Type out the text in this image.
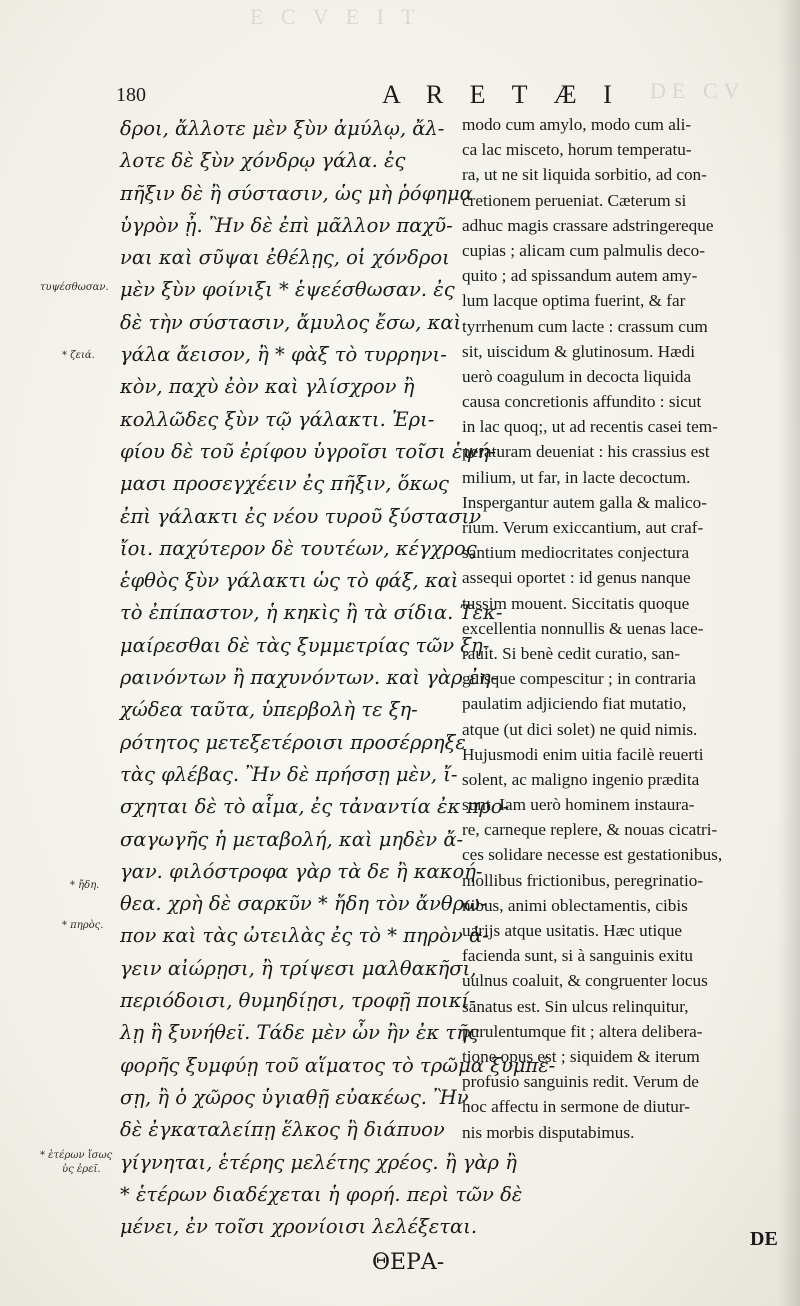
E C V E I T
DE CV
180	A R E T Æ I
δροι, ἄλλοτε μὲν ξὺν ἀμύλῳ, ἄλ-
λοτε δὲ ξὺν χόνδρῳ γάλα. ἐς
πῆξιν δὲ ἢ σύστασιν, ὡς μὴ ῥόφημα
ὑγρὸν ᾖ. Ἢν δὲ ἐπὶ μᾶλλον παχῦ-
ναι καὶ σῦψαι ἐθέλῃς, οἱ χόνδροι
μὲν ξὺν φοίνιξι * ἑψεέσθωσαν. ἐς
δὲ τὴν σύστασιν, ἄμυλος ἔσω, καὶ
γάλα ἄεισον, ἢ * φὰξ τὸ τυρρηνι-
κὸν, παχὺ ἐὸν καὶ γλίσχρον ἢ
κολλῶδες ξὺν τῷ γάλακτι. Ἐρι-
φίου δὲ τοῦ ἐρίφου ὑγροῖσι τοῖσι ἑψή-
μασι προσεγχέειν ἐς πῆξιν, ὅκως
ἐπὶ γάλακτι ἐς νέου τυροῦ ξύστασιν
ἴοι. παχύτερον δὲ τουτέων, κέγχρος
ἑφθὸς ξὺν γάλακτι ὡς τὸ φάξ, καὶ
τὸ ἐπίπαστον, ἡ κηκὶς ἢ τὰ σίδια. Τεκ-
μαίρεσθαι δὲ τὰς ξυμμετρίας τῶν ξη-
ραινόντων ἢ παχυνόντων. καὶ γὰρ ἐη-
χώδεα ταῦτα, ὑπερβολὴ τε ξη-
ρότητος μετεξετέροισι προσέρρηξε
τὰς φλέβας. Ἢν δὲ πρήσσῃ μὲν, ἴ-
σχηται δὲ τὸ αἷμα, ἐς τἀναντία ἐκ προ-
σαγωγῆς ἡ μεταβολή, καὶ μηδὲν ἄ-
γαν. φιλόστροφα γὰρ τὰ δε ἢ κακοή-
θεα. χρὴ δὲ σαρκῦν * ἤδη τὸν ἄνθρω-
πον καὶ τὰς ὠτειλὰς ἐς τὸ * πηρὸν ἀ-
γειν αἰώρῃσι, ἢ τρίψεσι μαλθακῆσι,
περιόδοισι, θυμηδίῃσι, τροφῇ ποικί-
λῃ ἢ ξυνήθεϊ. Τάδε μὲν ὦν ἢν ἐκ τῆς
φορῆς ξυμφύῃ τοῦ αἵματος τὸ τρῶμα ξυμπέ-
σῃ, ἢ ὁ χῶρος ὑγιαθῇ εὐακέως. Ἢν
δὲ ἐγκαταλείπῃ ἕλκος ἢ διάπυον
γίγνηται, ἑτέρης μελέτης χρέος. ἢ γὰρ ἢ
* ἑτέρων διαδέχεται ἡ φορή. περὶ τῶν δὲ
μένει, ἐν τοῖσι χρονίοισι λελέξεται.
modo cum amylo, modo cum ali-
ca lac misceto, horum temperatu-
ra, ut ne sit liquida sorbitio, ad con-
cretionem perueniat. Cæterum si
adhuc magis crassare adstringereque
cupias ; alicam cum palmulis deco-
quito ; ad spissandum autem amy-
lum lacque optima fuerint, & far
tyrrhenum cum lacte : crassum cum
sit, uiscidum & glutinosum. Hædi
uerò coagulum in decocta liquida
causa concretionis affundito : sicut
in lac quoq;, ut ad recentis casei tem-
peraturam deueniat : his crassius est
milium, ut far, in lacte decoctum.
Inspergantur autem galla & malico-
rium. Verum exiccantium, aut craf-
santium mediocritates conjectura
assequi oportet : id genus nanque
tussim mouent. Siccitatis quoque
excellentia nonnullis & uenas lace-
rauit. Si benè cedit curatio, san-
guisque compescitur ; in contraria
paulatim adjiciendo fiat mutatio,
atque (ut dici solet) ne quid nimis.
Hujusmodi enim uitia facilè reuerti
solent, ac maligno ingenio prædita
sunt. Iam uerò hominem instaura-
re, carneque replere, & nouas cicatri-
ces solidare necesse est gestationibus,
mollibus frictionibus, peregrinatio-
nibus, animi oblectamentis, cibis
uarijs atque usitatis. Hæc utique
facienda sunt, si à sanguinis exitu
uulnus coaluit, & congruenter locus
sanatus est. Sin ulcus relinquitur,
purulentumque fit ; altera delibera-
tione opus est ; siquidem & iterum
profusio sanguinis redit. Verum de
hoc affectu in sermone de diutur-
nis morbis disputabimus.
τυψέσθωσαν.
* ζειά.
* ἤδη.
* πηρὸς.
* ἑτέρων ἴσως
ὑς ἐρεῖ.
ΘΕΡΑ-
DE
